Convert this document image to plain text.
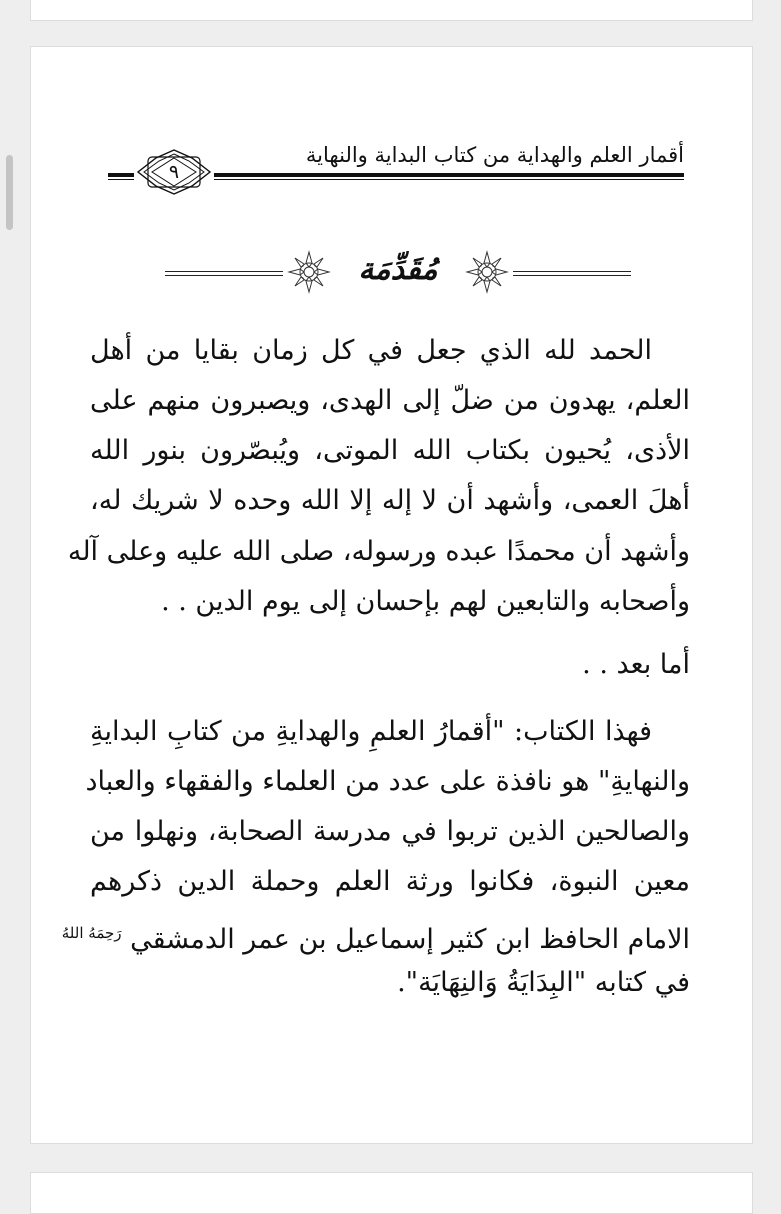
أقمار العلم والهداية من كتاب البداية والنهاية
٩
مُقَدِّمَة
الحمد لله الذي جعل في كل زمان بقايا من أهل
العلم، يهدون من ضلّ إلى الهدى، ويصبرون منهم على
الأذى، يُحيون بكتاب الله الموتى، ويُبصّرون بنور الله
أهلَ العمى، وأشهد أن لا إله إلا الله وحده لا شريك له،
وأشهد أن محمدًا عبده ورسوله، صلى الله عليه وعلى آله
وأصحابه والتابعين لهم بإحسان إلى يوم الدين . .
أما بعد . .
فهذا الكتاب: "أقمارُ العلمِ والهدايةِ من كتابِ البدايةِ
والنهايةِ" هو نافذة على عدد من العلماء والفقهاء والعباد
والصالحين الذين تربوا في مدرسة الصحابة، ونهلوا من
معين النبوة، فكانوا ورثة العلم وحملة الدين ذكرهم
الامام الحافظ ابن كثير إسماعيل بن عمر الدمشقي $^{رَحِمَهُ اللهُ}$
في كتابه "البِدَايَةُ وَالنِهَايَة".
